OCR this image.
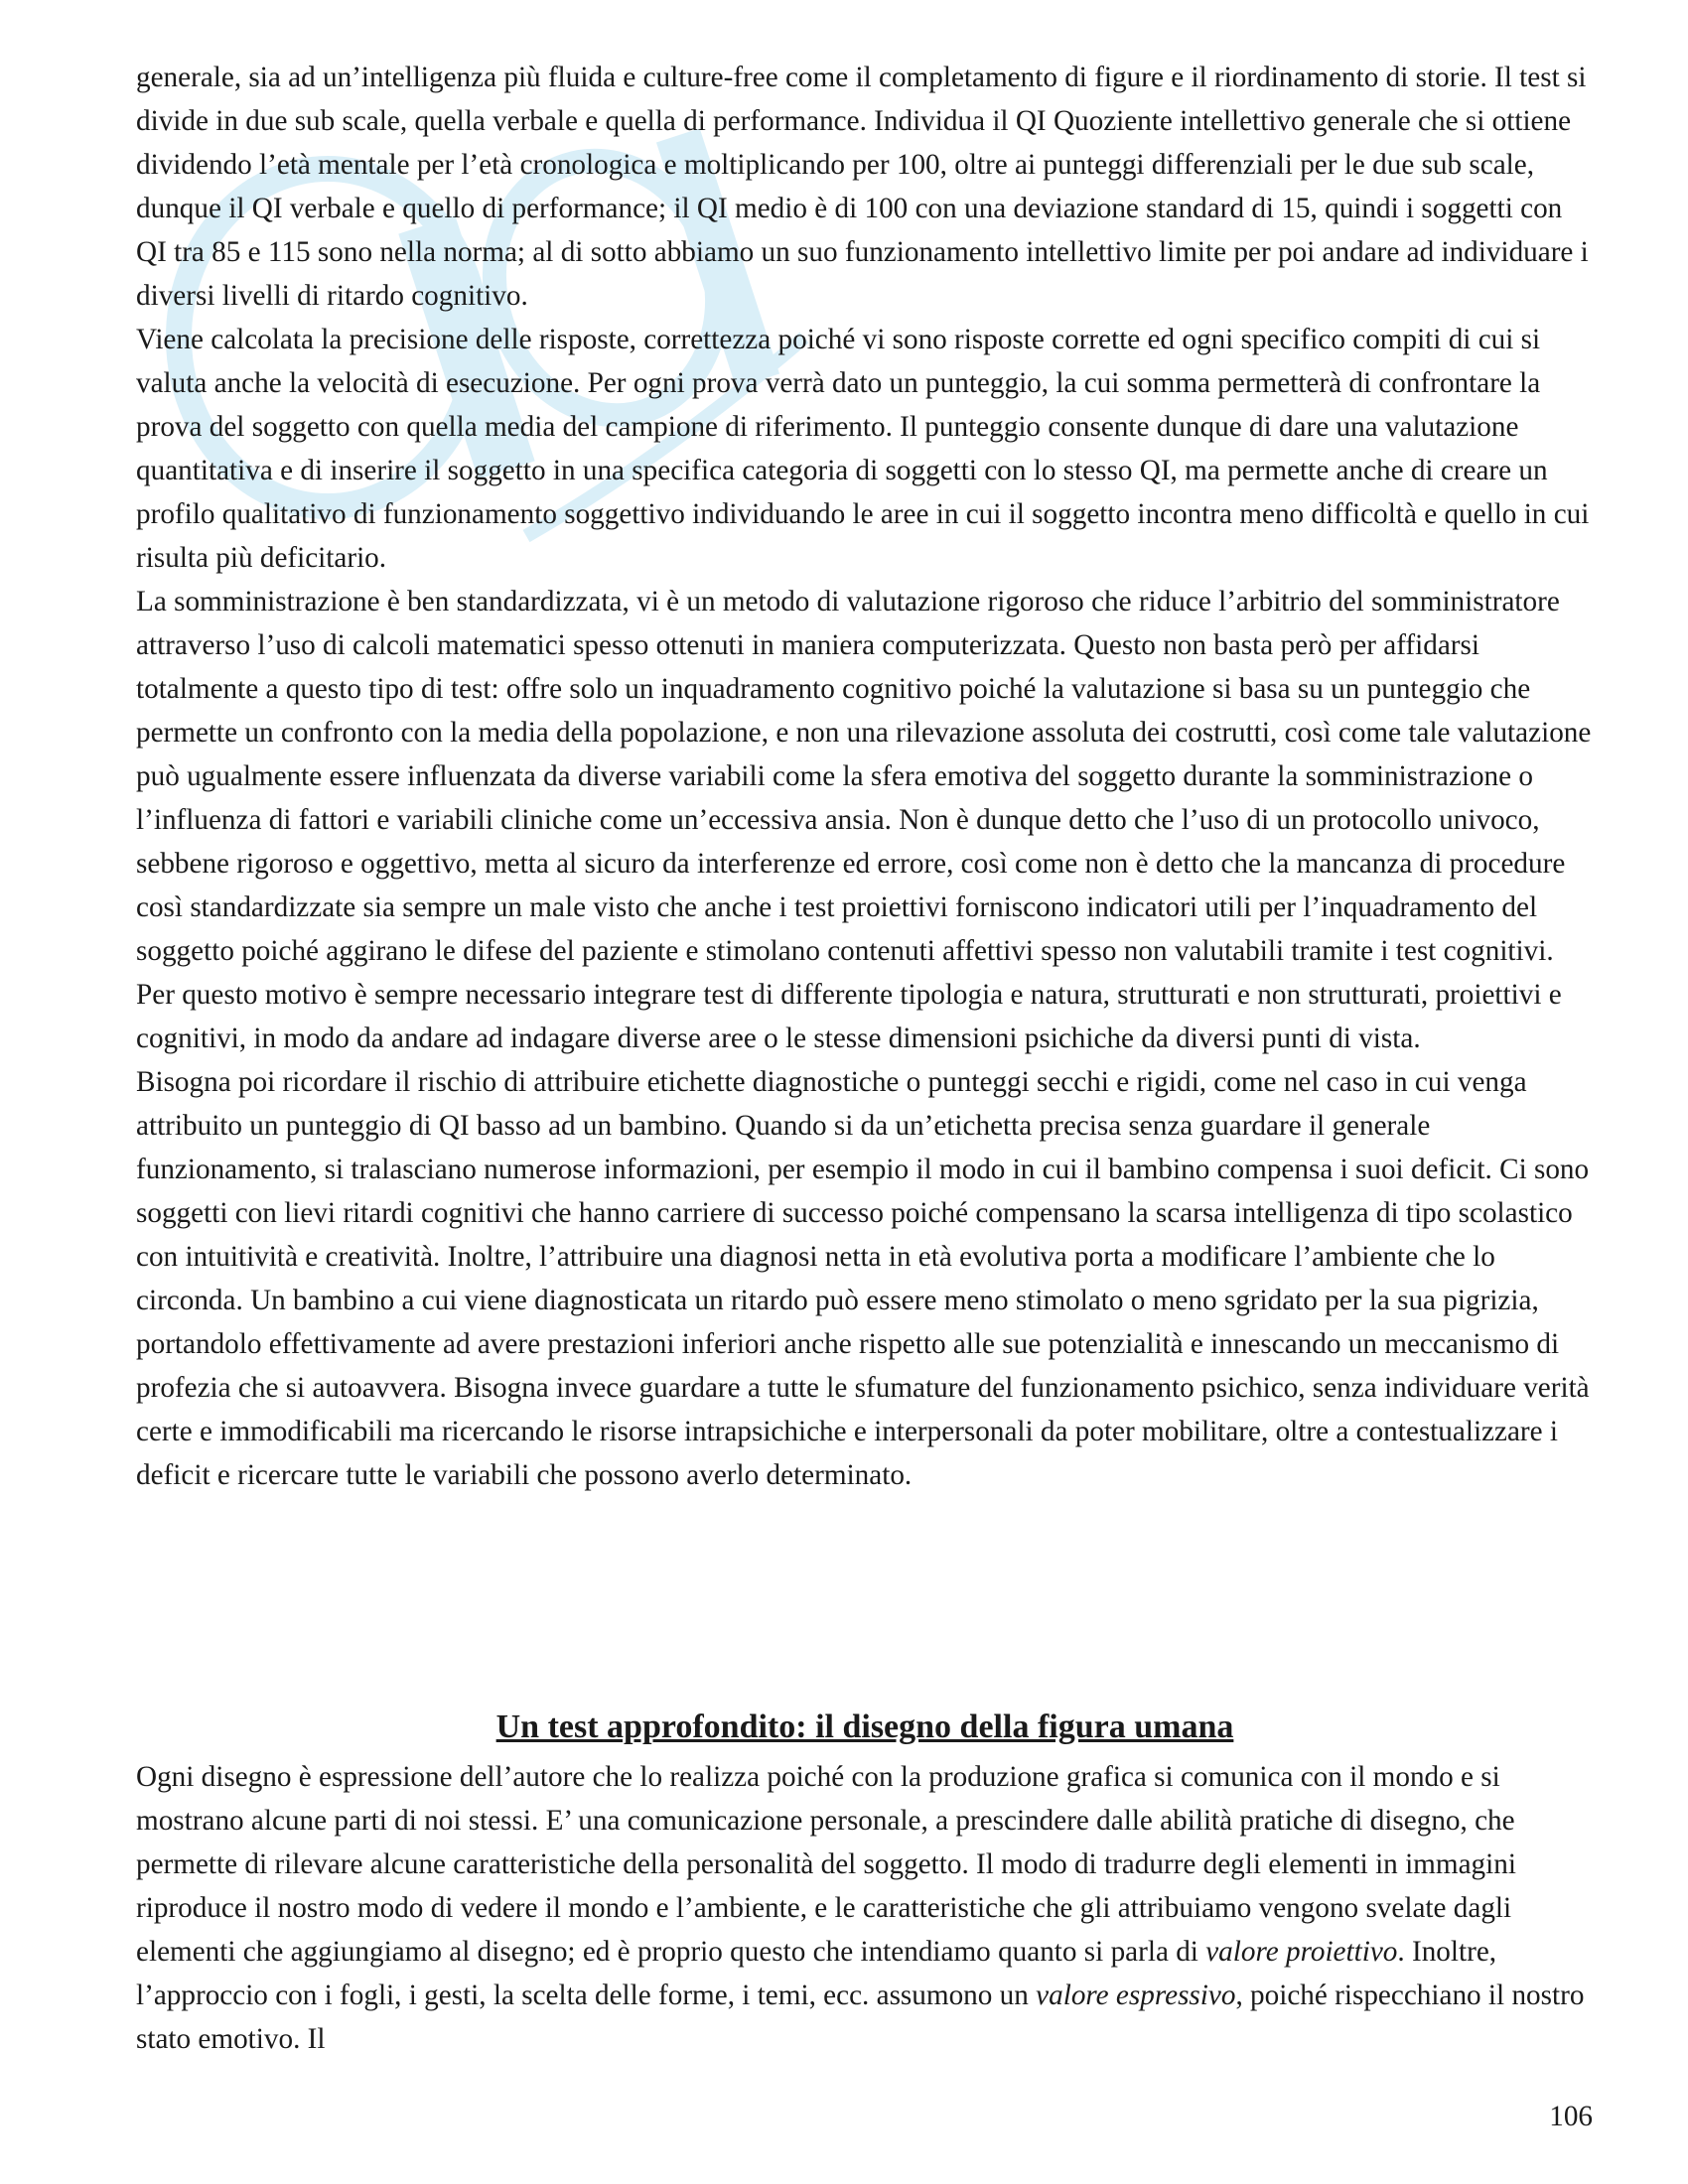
generale, sia ad un’intelligenza più fluida e culture-free come il completamento di figure e il riordinamento di storie. Il test si divide in due sub scale, quella verbale e quella di performance. Individua il QI Quoziente intellettivo generale che si ottiene dividendo l’età mentale per l’età cronologica e moltiplicando per 100, oltre ai punteggi differenziali per le due sub scale, dunque il QI verbale e quello di performance; il QI medio è di 100 con una deviazione standard di 15, quindi i soggetti con QI tra 85 e 115 sono nella norma; al di sotto abbiamo un suo funzionamento intellettivo limite per poi andare ad individuare i diversi livelli di ritardo cognitivo.

Viene calcolata la precisione delle risposte, correttezza poiché vi sono risposte corrette ed ogni specifico compiti di cui si valuta anche la velocità di esecuzione. Per ogni prova verrà dato un punteggio, la cui somma permetterà di confrontare la prova del soggetto con quella media del campione di riferimento. Il punteggio consente dunque di dare una valutazione quantitativa e di inserire il soggetto in una specifica categoria di soggetti con lo stesso QI, ma permette anche di creare un profilo qualitativo di funzionamento soggettivo individuando le aree in cui il soggetto incontra meno difficoltà e quello in cui risulta più deficitario.

La somministrazione è ben standardizzata, vi è un metodo di valutazione rigoroso che riduce l’arbitrio del somministratore attraverso l’uso di calcoli matematici spesso ottenuti in maniera computerizzata. Questo non basta però per affidarsi totalmente a questo tipo di test: offre solo un inquadramento cognitivo poiché la valutazione si basa su un punteggio che permette un confronto con la media della popolazione, e non una rilevazione assoluta dei costrutti, così come tale valutazione può ugualmente essere influenzata da diverse variabili come la sfera emotiva del soggetto durante la somministrazione o l’influenza di fattori e variabili cliniche come un’eccessiva ansia. Non è dunque detto che l’uso di un protocollo univoco, sebbene rigoroso e oggettivo, metta al sicuro da interferenze ed errore, così come non è detto che la mancanza di procedure così standardizzate sia sempre un male visto che anche i test proiettivi forniscono indicatori utili per l’inquadramento del soggetto poiché aggirano le difese del paziente e stimolano contenuti affettivi spesso non valutabili tramite i test cognitivi. Per questo motivo è sempre necessario integrare test di differente tipologia e natura, strutturati e non strutturati, proiettivi e cognitivi, in modo da andare ad indagare diverse aree o le stesse dimensioni psichiche da diversi punti di vista.

Bisogna poi ricordare il rischio di attribuire etichette diagnostiche o punteggi secchi e rigidi, come nel caso in cui venga attribuito un punteggio di QI basso ad un bambino. Quando si da un’etichetta precisa senza guardare il generale funzionamento, si tralasciano numerose informazioni, per esempio il modo in cui il bambino compensa i suoi deficit. Ci sono soggetti con lievi ritardi cognitivi che hanno carriere di successo poiché compensano la scarsa intelligenza di tipo scolastico con intuitività e creatività. Inoltre, l’attribuire una diagnosi netta in età evolutiva porta a modificare l’ambiente che lo circonda. Un bambino a cui viene diagnosticata un ritardo può essere meno stimolato o meno sgridato per la sua pigrizia, portandolo effettivamente ad avere prestazioni inferiori anche rispetto alle sue potenzialità e innescando un meccanismo di profezia che si autoavvera. Bisogna invece guardare a tutte le sfumature del funzionamento psichico, senza individuare verità certe e immodificabili ma ricercando le risorse intrapsichiche e interpersonali da poter mobilitare, oltre a contestualizzare i deficit e ricercare tutte le variabili che possono averlo determinato.

Un test approfondito: il disegno della figura umana

Ogni disegno è espressione dell’autore che lo realizza poiché con la produzione grafica si comunica con il mondo e si mostrano alcune parti di noi stessi. E’ una comunicazione personale, a prescindere dalle abilità pratiche di disegno, che permette di rilevare alcune caratteristiche della personalità del soggetto. Il modo di tradurre degli elementi in immagini riproduce il nostro modo di vedere il mondo e l’ambiente, e le caratteristiche che gli attribuiamo vengono svelate dagli elementi che aggiungiamo al disegno; ed è proprio questo che intendiamo quanto si parla di valore proiettivo. Inoltre, l’approccio con i fogli, i gesti, la scelta delle forme, i temi, ecc. assumono un valore espressivo, poiché rispecchiano il nostro stato emotivo. Il

106
